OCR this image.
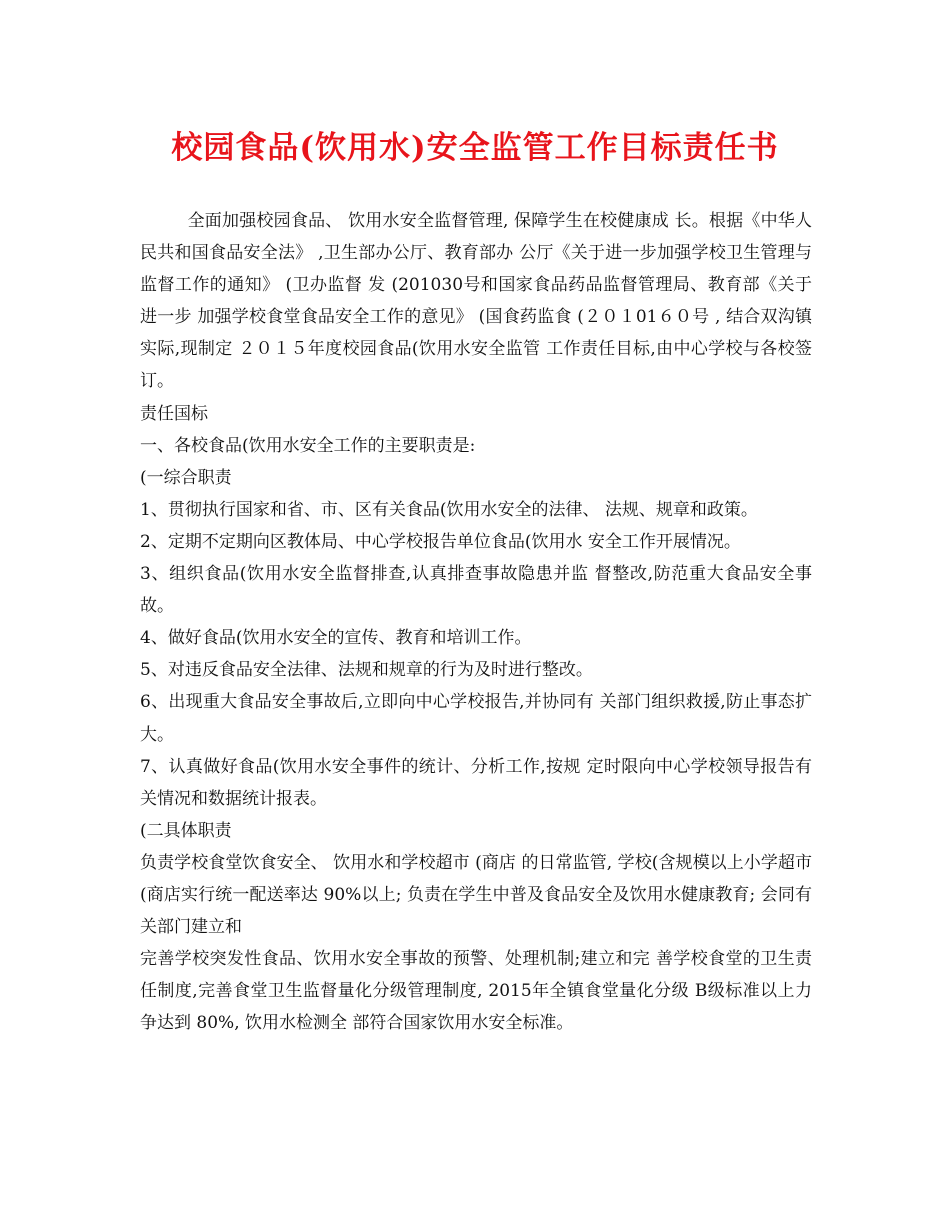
校园食品(饮用水)安全监管工作目标责任书

全面加强校园食品、 饮用水安全监督管理, 保障学生在校健康成 长。根据《中华人民共和国食品安全法》 ,卫生部办公厅、教育部办 公厅《关于进一步加强学校卫生管理与监督工作的通知》 (卫办监督 发 (201030号和国家食品药品监督管理局、教育部《关于进一步 加强学校食堂食品安全工作的意见》 (国食药监食 (２０１01６０号 , 结合双沟镇实际,现制定 ２０１５年度校园食品(饮用水安全监管 工作责任目标,由中心学校与各校签订。

责任国标

一、各校食品(饮用水安全工作的主要职责是:

(一综合职责

1、贯彻执行国家和省、市、区有关食品(饮用水安全的法律、 法规、规章和政策。

2、定期不定期向区教体局、中心学校报告单位食品(饮用水 安全工作开展情况。

3、组织食品(饮用水安全监督排查,认真排查事故隐患并监 督整改,防范重大食品安全事故。

4、做好食品(饮用水安全的宣传、教育和培训工作。

5、对违反食品安全法律、法规和规章的行为及时进行整改。

6、出现重大食品安全事故后,立即向中心学校报告,并协同有 关部门组织救援,防止事态扩大。

7、认真做好食品(饮用水安全事件的统计、分析工作,按规 定时限向中心学校领导报告有关情况和数据统计报表。

(二具体职责

负责学校食堂饮食安全、 饮用水和学校超市 (商店 的日常监管, 学校(含规模以上小学超市(商店实行统一配送率达 90%以上; 负责在学生中普及食品安全及饮用水健康教育; 会同有关部门建立和

完善学校突发性食品、饮用水安全事故的预警、处理机制;建立和完 善学校食堂的卫生责任制度,完善食堂卫生监督量化分级管理制度, 2015年全镇食堂量化分级 B级标准以上力争达到 80%, 饮用水检测全 部符合国家饮用水安全标准。
